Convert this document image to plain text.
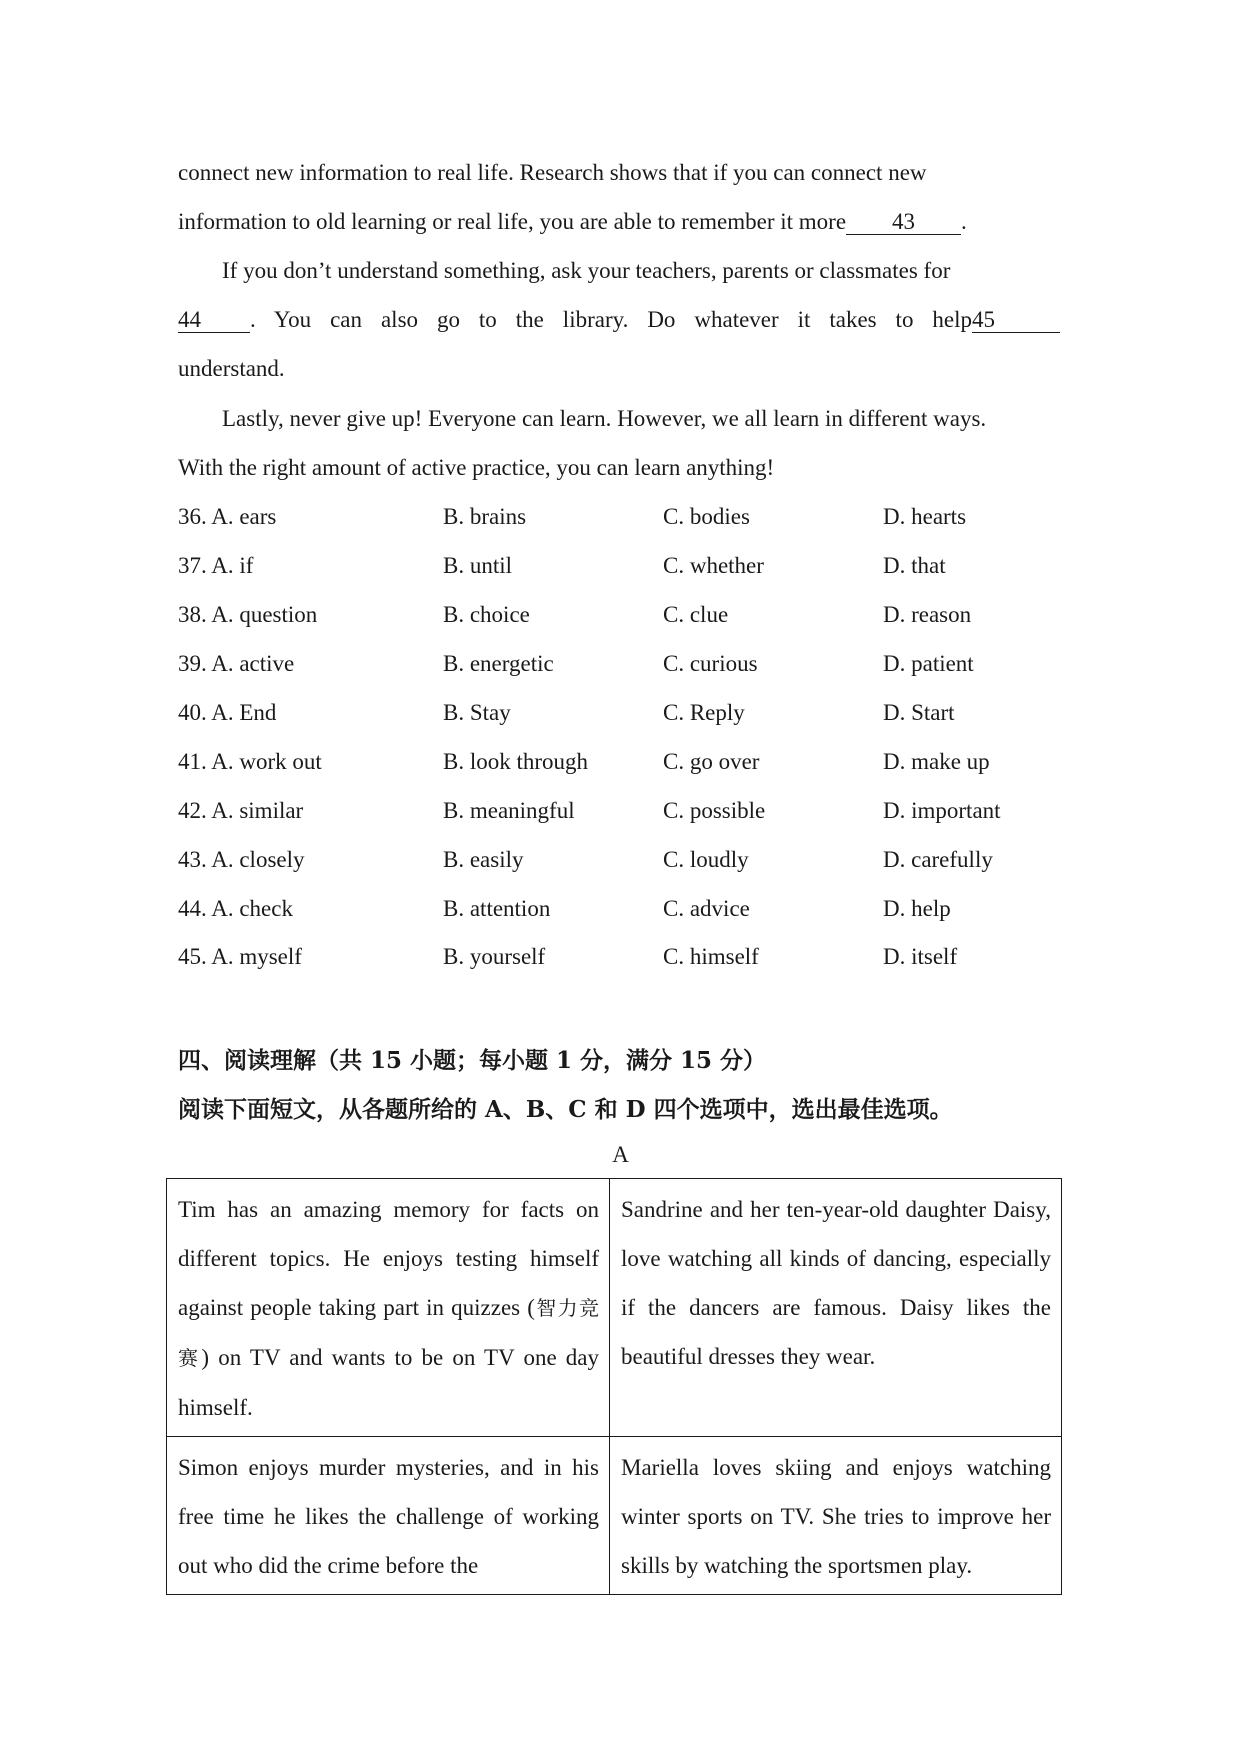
connect new information to real life. Research shows that if you can connect new
information to old learning or real life, you are able to remember it more 43 .
If you don’t understand something, ask your teachers, parents or classmates for
44 . You can also go to the library. Do whatever it takes to help45
understand.
Lastly, never give up! Everyone can learn. However, we all learn in different ways.
With the right amount of active practice, you can learn anything!
36. A. ears	B. brains	C. bodies	D. hearts
37. A. if	B. until	C. whether	D. that
38. A. question	B. choice	C. clue	D. reason
39. A. active	B. energetic	C. curious	D. patient
40. A. End	B. Stay	C. Reply	D. Start
41. A. work out	B. look through	C. go over	D. make up
42. A. similar	B. meaningful	C. possible	D. important
43. A. closely	B. easily	C. loudly	D. carefully
44. A. check	B. attention	C. advice	D. help
45. A. myself	B. yourself	C. himself	D. itself
四、阅读理解（共 15 小题；每小题 1 分，满分 15 分）
阅读下面短文，从各题所给的 A、B、C 和 D 四个选项中，选出最佳选项。
A
Tim has an amazing memory for facts on different topics. He enjoys testing himself against people taking part in quizzes (智力竞赛) on TV and wants to be on TV one day himself.	Sandrine and her ten-year-old daughter Daisy, love watching all kinds of dancing, especially if the dancers are famous. Daisy likes the beautiful dresses they wear.
Simon enjoys murder mysteries, and in his free time he likes the challenge of working out who did the crime before the	Mariella loves skiing and enjoys watching winter sports on TV. She tries to improve her skills by watching the sportsmen play.
